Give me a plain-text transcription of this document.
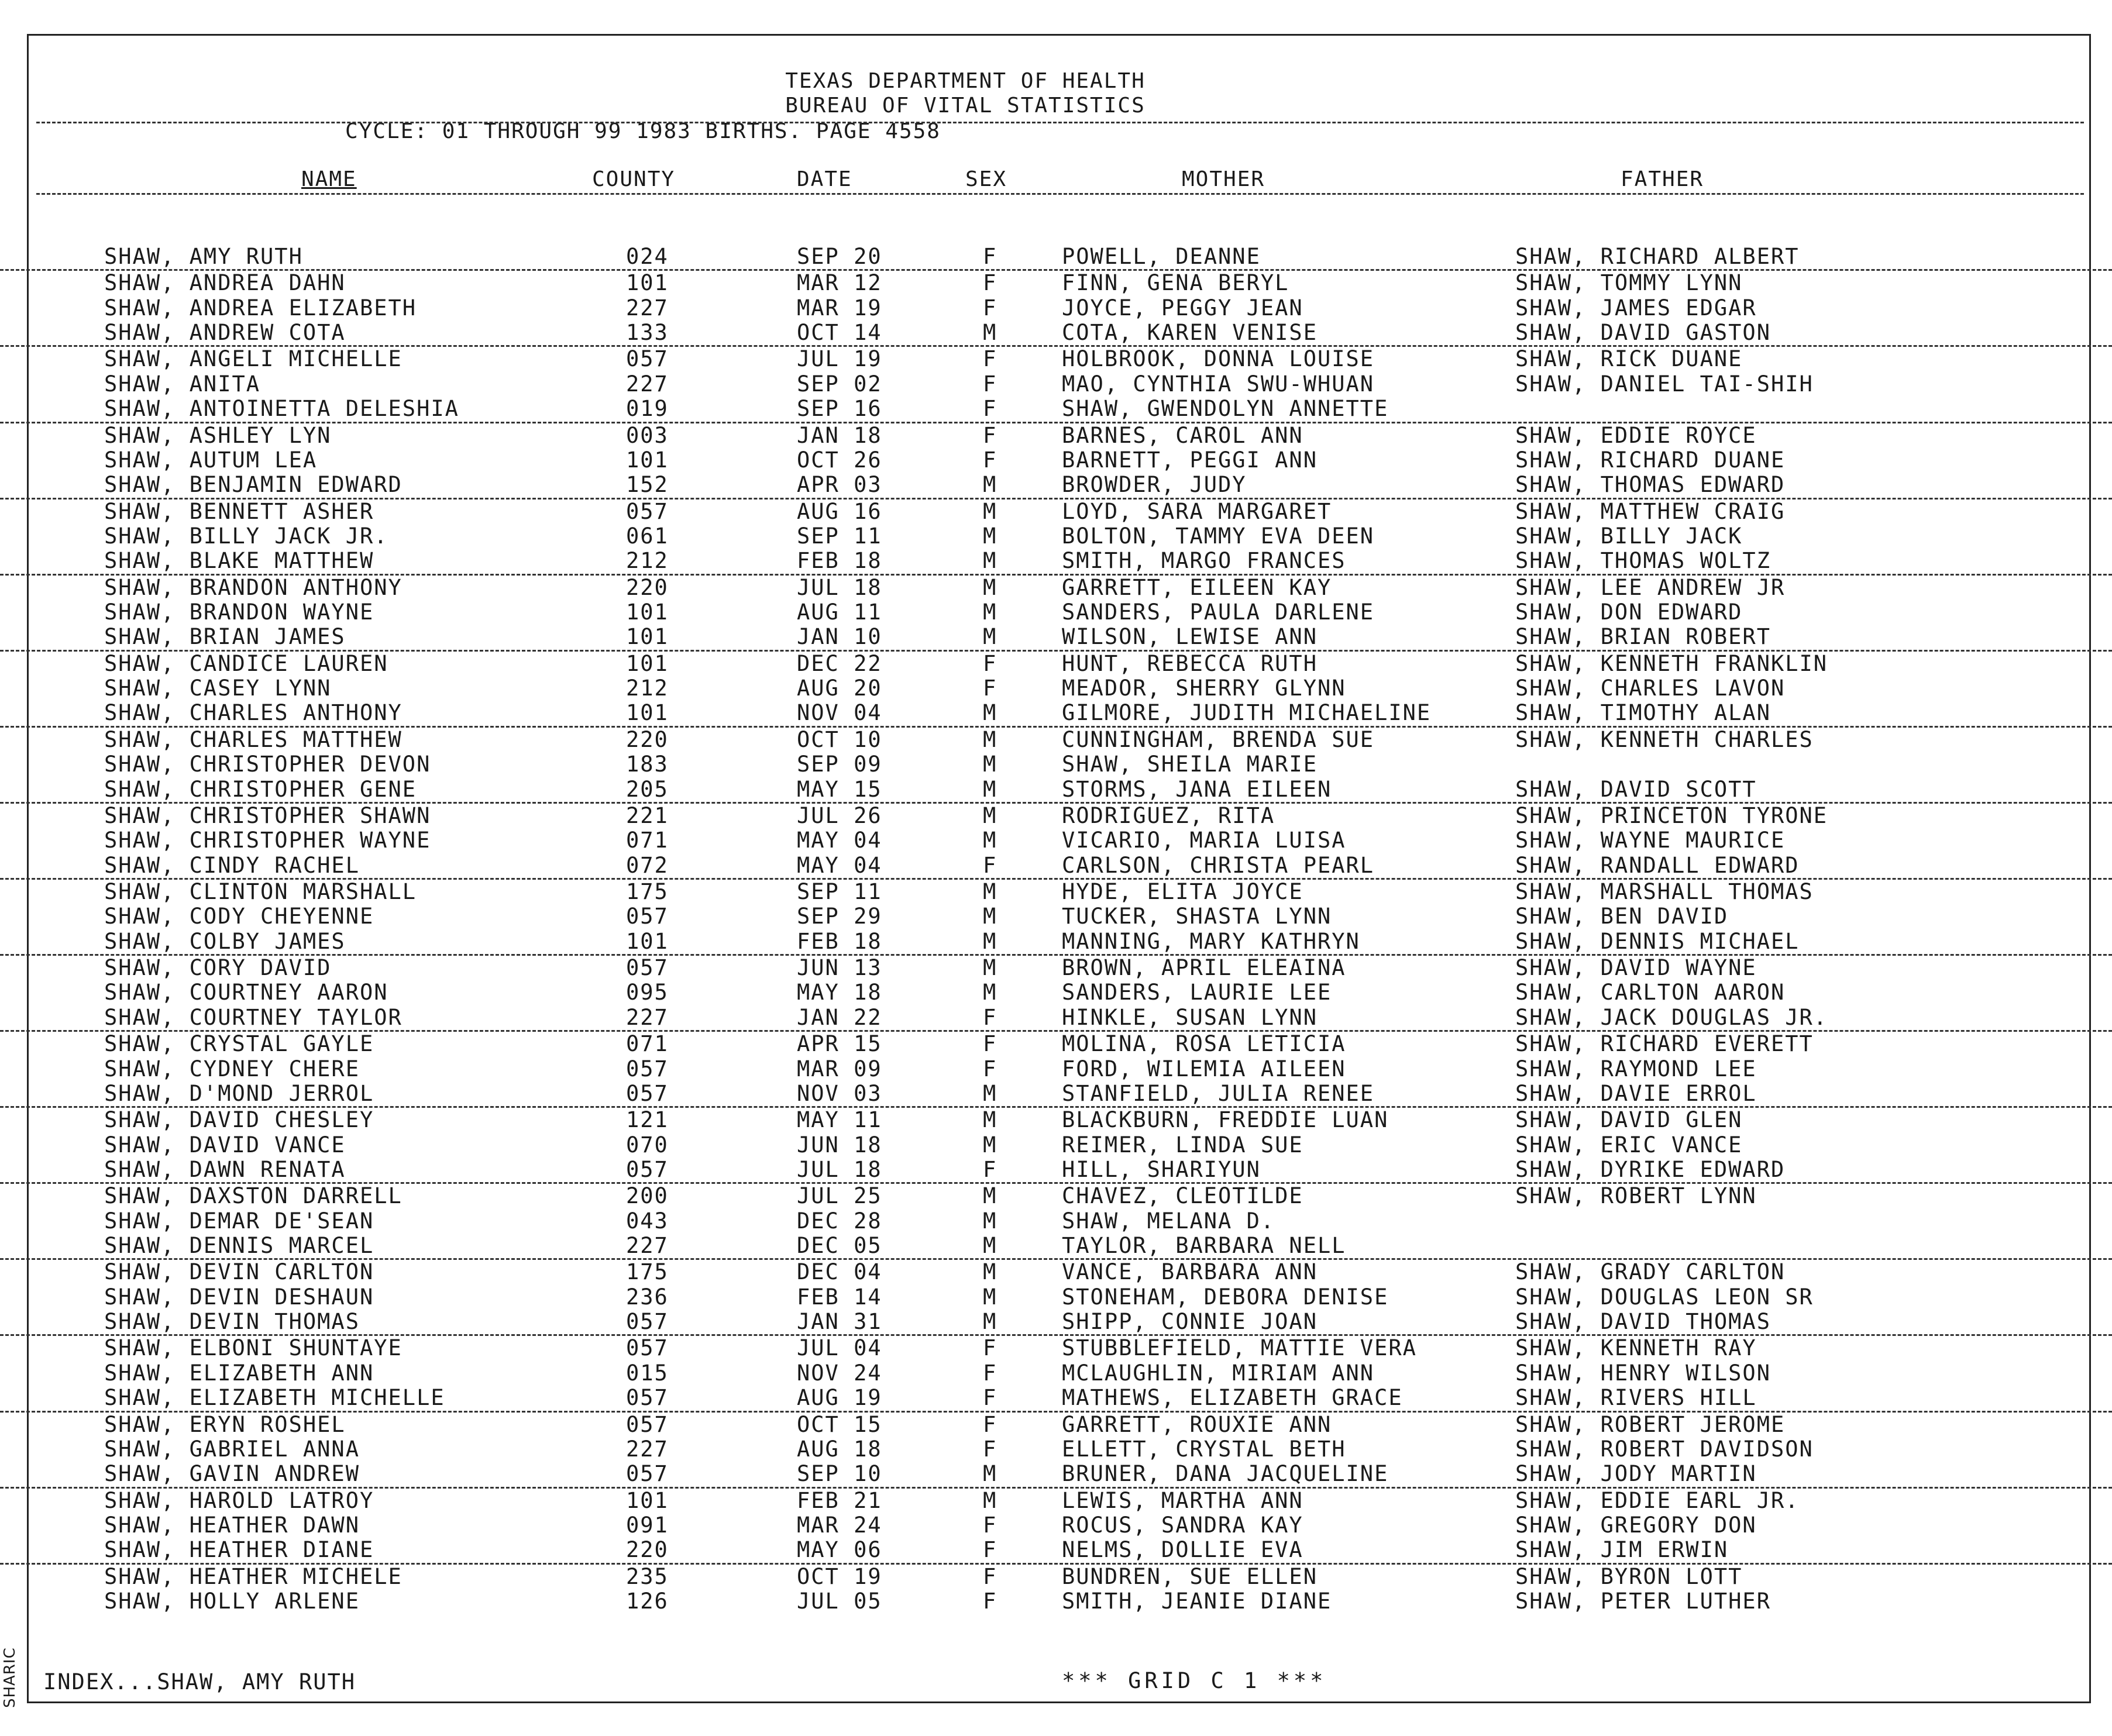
TEXAS DEPARTMENT OF HEALTH
BUREAU OF VITAL STATISTICS
CYCLE: 01 THROUGH 99 1983 BIRTHS. PAGE 4558
NAME	COUNTY	DATE	SEX	MOTHER	FATHER
SHAW, AMY RUTH	024	SEP 20	F	POWELL, DEANNE	SHAW, RICHARD ALBERT
SHAW, ANDREA DAHN	101	MAR 12	F	FINN, GENA BERYL	SHAW, TOMMY LYNN
SHAW, ANDREA ELIZABETH	227	MAR 19	F	JOYCE, PEGGY JEAN	SHAW, JAMES EDGAR
SHAW, ANDREW COTA	133	OCT 14	M	COTA, KAREN VENISE	SHAW, DAVID GASTON
SHAW, ANGELI MICHELLE	057	JUL 19	F	HOLBROOK, DONNA LOUISE	SHAW, RICK DUANE
SHAW, ANITA	227	SEP 02	F	MAO, CYNTHIA SWU-WHUAN	SHAW, DANIEL TAI-SHIH
SHAW, ANTOINETTA DELESHIA	019	SEP 16	F	SHAW, GWENDOLYN ANNETTE
SHAW, ASHLEY LYN	003	JAN 18	F	BARNES, CAROL ANN	SHAW, EDDIE ROYCE
SHAW, AUTUM LEA	101	OCT 26	F	BARNETT, PEGGI ANN	SHAW, RICHARD DUANE
SHAW, BENJAMIN EDWARD	152	APR 03	M	BROWDER, JUDY	SHAW, THOMAS EDWARD
SHAW, BENNETT ASHER	057	AUG 16	M	LOYD, SARA MARGARET	SHAW, MATTHEW CRAIG
SHAW, BILLY JACK JR.	061	SEP 11	M	BOLTON, TAMMY EVA DEEN	SHAW, BILLY JACK
SHAW, BLAKE MATTHEW	212	FEB 18	M	SMITH, MARGO FRANCES	SHAW, THOMAS WOLTZ
SHAW, BRANDON ANTHONY	220	JUL 18	M	GARRETT, EILEEN KAY	SHAW, LEE ANDREW JR
SHAW, BRANDON WAYNE	101	AUG 11	M	SANDERS, PAULA DARLENE	SHAW, DON EDWARD
SHAW, BRIAN JAMES	101	JAN 10	M	WILSON, LEWISE ANN	SHAW, BRIAN ROBERT
SHAW, CANDICE LAUREN	101	DEC 22	F	HUNT, REBECCA RUTH	SHAW, KENNETH FRANKLIN
SHAW, CASEY LYNN	212	AUG 20	F	MEADOR, SHERRY GLYNN	SHAW, CHARLES LAVON
SHAW, CHARLES ANTHONY	101	NOV 04	M	GILMORE, JUDITH MICHAELINE	SHAW, TIMOTHY ALAN
SHAW, CHARLES MATTHEW	220	OCT 10	M	CUNNINGHAM, BRENDA SUE	SHAW, KENNETH CHARLES
SHAW, CHRISTOPHER DEVON	183	SEP 09	M	SHAW, SHEILA MARIE
SHAW, CHRISTOPHER GENE	205	MAY 15	M	STORMS, JANA EILEEN	SHAW, DAVID SCOTT
SHAW, CHRISTOPHER SHAWN	221	JUL 26	M	RODRIGUEZ, RITA	SHAW, PRINCETON TYRONE
SHAW, CHRISTOPHER WAYNE	071	MAY 04	M	VICARIO, MARIA LUISA	SHAW, WAYNE MAURICE
SHAW, CINDY RACHEL	072	MAY 04	F	CARLSON, CHRISTA PEARL	SHAW, RANDALL EDWARD
SHAW, CLINTON MARSHALL	175	SEP 11	M	HYDE, ELITA JOYCE	SHAW, MARSHALL THOMAS
SHAW, CODY CHEYENNE	057	SEP 29	M	TUCKER, SHASTA LYNN	SHAW, BEN DAVID
SHAW, COLBY JAMES	101	FEB 18	M	MANNING, MARY KATHRYN	SHAW, DENNIS MICHAEL
SHAW, CORY DAVID	057	JUN 13	M	BROWN, APRIL ELEAINA	SHAW, DAVID WAYNE
SHAW, COURTNEY AARON	095	MAY 18	M	SANDERS, LAURIE LEE	SHAW, CARLTON AARON
SHAW, COURTNEY TAYLOR	227	JAN 22	F	HINKLE, SUSAN LYNN	SHAW, JACK DOUGLAS JR.
SHAW, CRYSTAL GAYLE	071	APR 15	F	MOLINA, ROSA LETICIA	SHAW, RICHARD EVERETT
SHAW, CYDNEY CHERE	057	MAR 09	F	FORD, WILEMIA AILEEN	SHAW, RAYMOND LEE
SHAW, D'MOND JERROL	057	NOV 03	M	STANFIELD, JULIA RENEE	SHAW, DAVIE ERROL
SHAW, DAVID CHESLEY	121	MAY 11	M	BLACKBURN, FREDDIE LUAN	SHAW, DAVID GLEN
SHAW, DAVID VANCE	070	JUN 18	M	REIMER, LINDA SUE	SHAW, ERIC VANCE
SHAW, DAWN RENATA	057	JUL 18	F	HILL, SHARIYUN	SHAW, DYRIKE EDWARD
SHAW, DAXSTON DARRELL	200	JUL 25	M	CHAVEZ, CLEOTILDE	SHAW, ROBERT LYNN
SHAW, DEMAR DE'SEAN	043	DEC 28	M	SHAW, MELANA D.
SHAW, DENNIS MARCEL	227	DEC 05	M	TAYLOR, BARBARA NELL
SHAW, DEVIN CARLTON	175	DEC 04	M	VANCE, BARBARA ANN	SHAW, GRADY CARLTON
SHAW, DEVIN DESHAUN	236	FEB 14	M	STONEHAM, DEBORA DENISE	SHAW, DOUGLAS LEON SR
SHAW, DEVIN THOMAS	057	JAN 31	M	SHIPP, CONNIE JOAN	SHAW, DAVID THOMAS
SHAW, ELBONI SHUNTAYE	057	JUL 04	F	STUBBLEFIELD, MATTIE VERA	SHAW, KENNETH RAY
SHAW, ELIZABETH ANN	015	NOV 24	F	MCLAUGHLIN, MIRIAM ANN	SHAW, HENRY WILSON
SHAW, ELIZABETH MICHELLE	057	AUG 19	F	MATHEWS, ELIZABETH GRACE	SHAW, RIVERS HILL
SHAW, ERYN ROSHEL	057	OCT 15	F	GARRETT, ROUXIE ANN	SHAW, ROBERT JEROME
SHAW, GABRIEL ANNA	227	AUG 18	F	ELLETT, CRYSTAL BETH	SHAW, ROBERT DAVIDSON
SHAW, GAVIN ANDREW	057	SEP 10	M	BRUNER, DANA JACQUELINE	SHAW, JODY MARTIN
SHAW, HAROLD LATROY	101	FEB 21	M	LEWIS, MARTHA ANN	SHAW, EDDIE EARL JR.
SHAW, HEATHER DAWN	091	MAR 24	F	ROCUS, SANDRA KAY	SHAW, GREGORY DON
SHAW, HEATHER DIANE	220	MAY 06	F	NELMS, DOLLIE EVA	SHAW, JIM ERWIN
SHAW, HEATHER MICHELE	235	OCT 19	F	BUNDREN, SUE ELLEN	SHAW, BYRON LOTT
SHAW, HOLLY ARLENE	126	JUL 05	F	SMITH, JEANIE DIANE	SHAW, PETER LUTHER
INDEX...SHAW, AMY RUTH	*** GRID C 1 ***
SHARIC
